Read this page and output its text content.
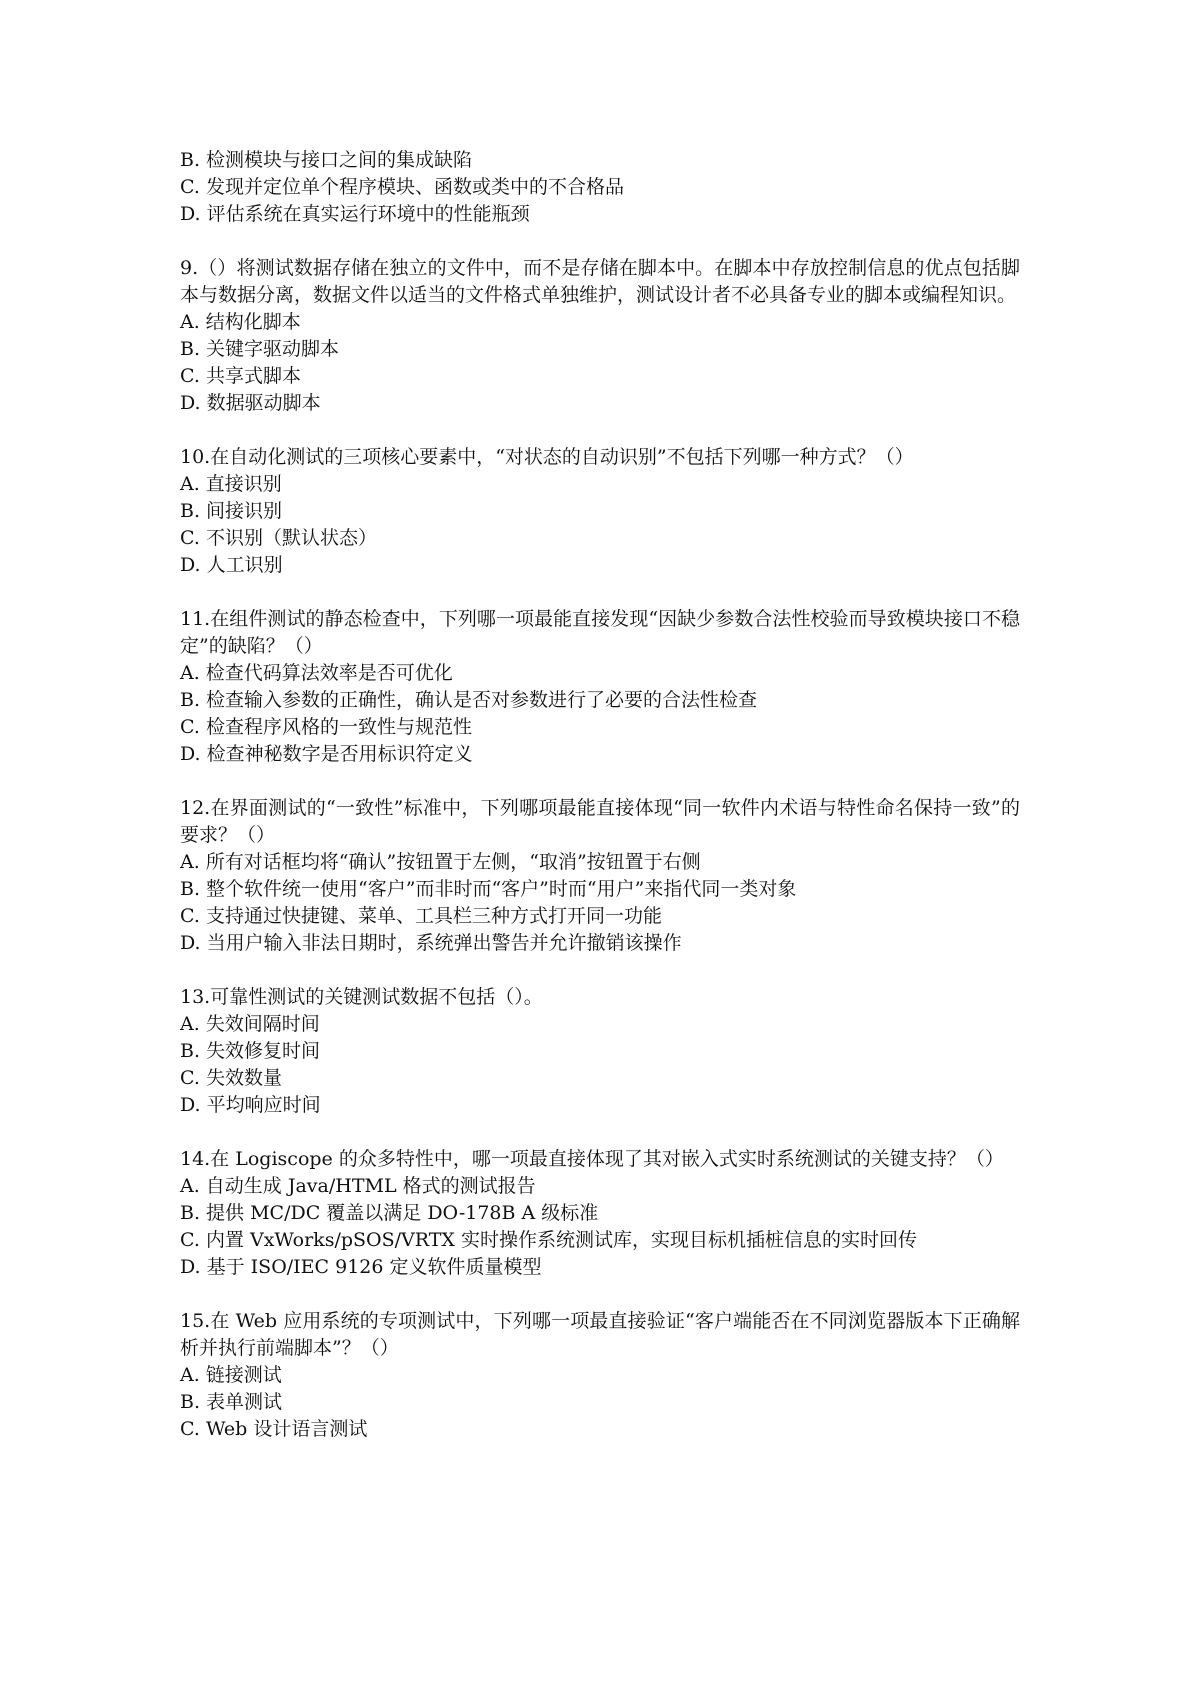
B. 检测模块与接口之间的集成缺陷

C. 发现并定位单个程序模块、函数或类中的不合格品

D. 评估系统在真实运行环境中的性能瓶颈

9.（）将测试数据存储在独立的文件中，而不是存储在脚本中。在脚本中存放控制信息的优点包括脚本与数据分离，数据文件以适当的文件格式单独维护，测试设计者不必具备专业的脚本或编程知识。

A. 结构化脚本

B. 关键字驱动脚本

C. 共享式脚本

D. 数据驱动脚本

10.在自动化测试的三项核心要素中，“对状态的自动识别”不包括下列哪一种方式？（）

A. 直接识别

B. 间接识别

C. 不识别（默认状态）

D. 人工识别

11.在组件测试的静态检查中，下列哪一项最能直接发现“因缺少参数合法性校验而导致模块接口不稳定”的缺陷？（）

A. 检查代码算法效率是否可优化

B. 检查输入参数的正确性，确认是否对参数进行了必要的合法性检查

C. 检查程序风格的一致性与规范性

D. 检查神秘数字是否用标识符定义

12.在界面测试的“一致性”标准中，下列哪项最能直接体现“同一软件内术语与特性命名保持一致”的要求？（）

A. 所有对话框均将“确认”按钮置于左侧，“取消”按钮置于右侧

B. 整个软件统一使用“客户”而非时而“客户”时而“用户”来指代同一类对象

C. 支持通过快捷键、菜单、工具栏三种方式打开同一功能

D. 当用户输入非法日期时，系统弹出警告并允许撤销该操作

13.可靠性测试的关键测试数据不包括（）。

A. 失效间隔时间

B. 失效修复时间

C. 失效数量

D. 平均响应时间

14.在 Logiscope 的众多特性中，哪一项最直接体现了其对嵌入式实时系统测试的关键支持？（）

A. 自动生成 Java/HTML 格式的测试报告

B. 提供 MC/DC 覆盖以满足 DO-178B A 级标准

C. 内置 VxWorks/pSOS/VRTX 实时操作系统测试库，实现目标机插桩信息的实时回传

D. 基于 ISO/IEC 9126 定义软件质量模型

15.在 Web 应用系统的专项测试中，下列哪一项最直接验证“客户端能否在不同浏览器版本下正确解析并执行前端脚本”？（）

A. 链接测试

B. 表单测试

C. Web 设计语言测试
